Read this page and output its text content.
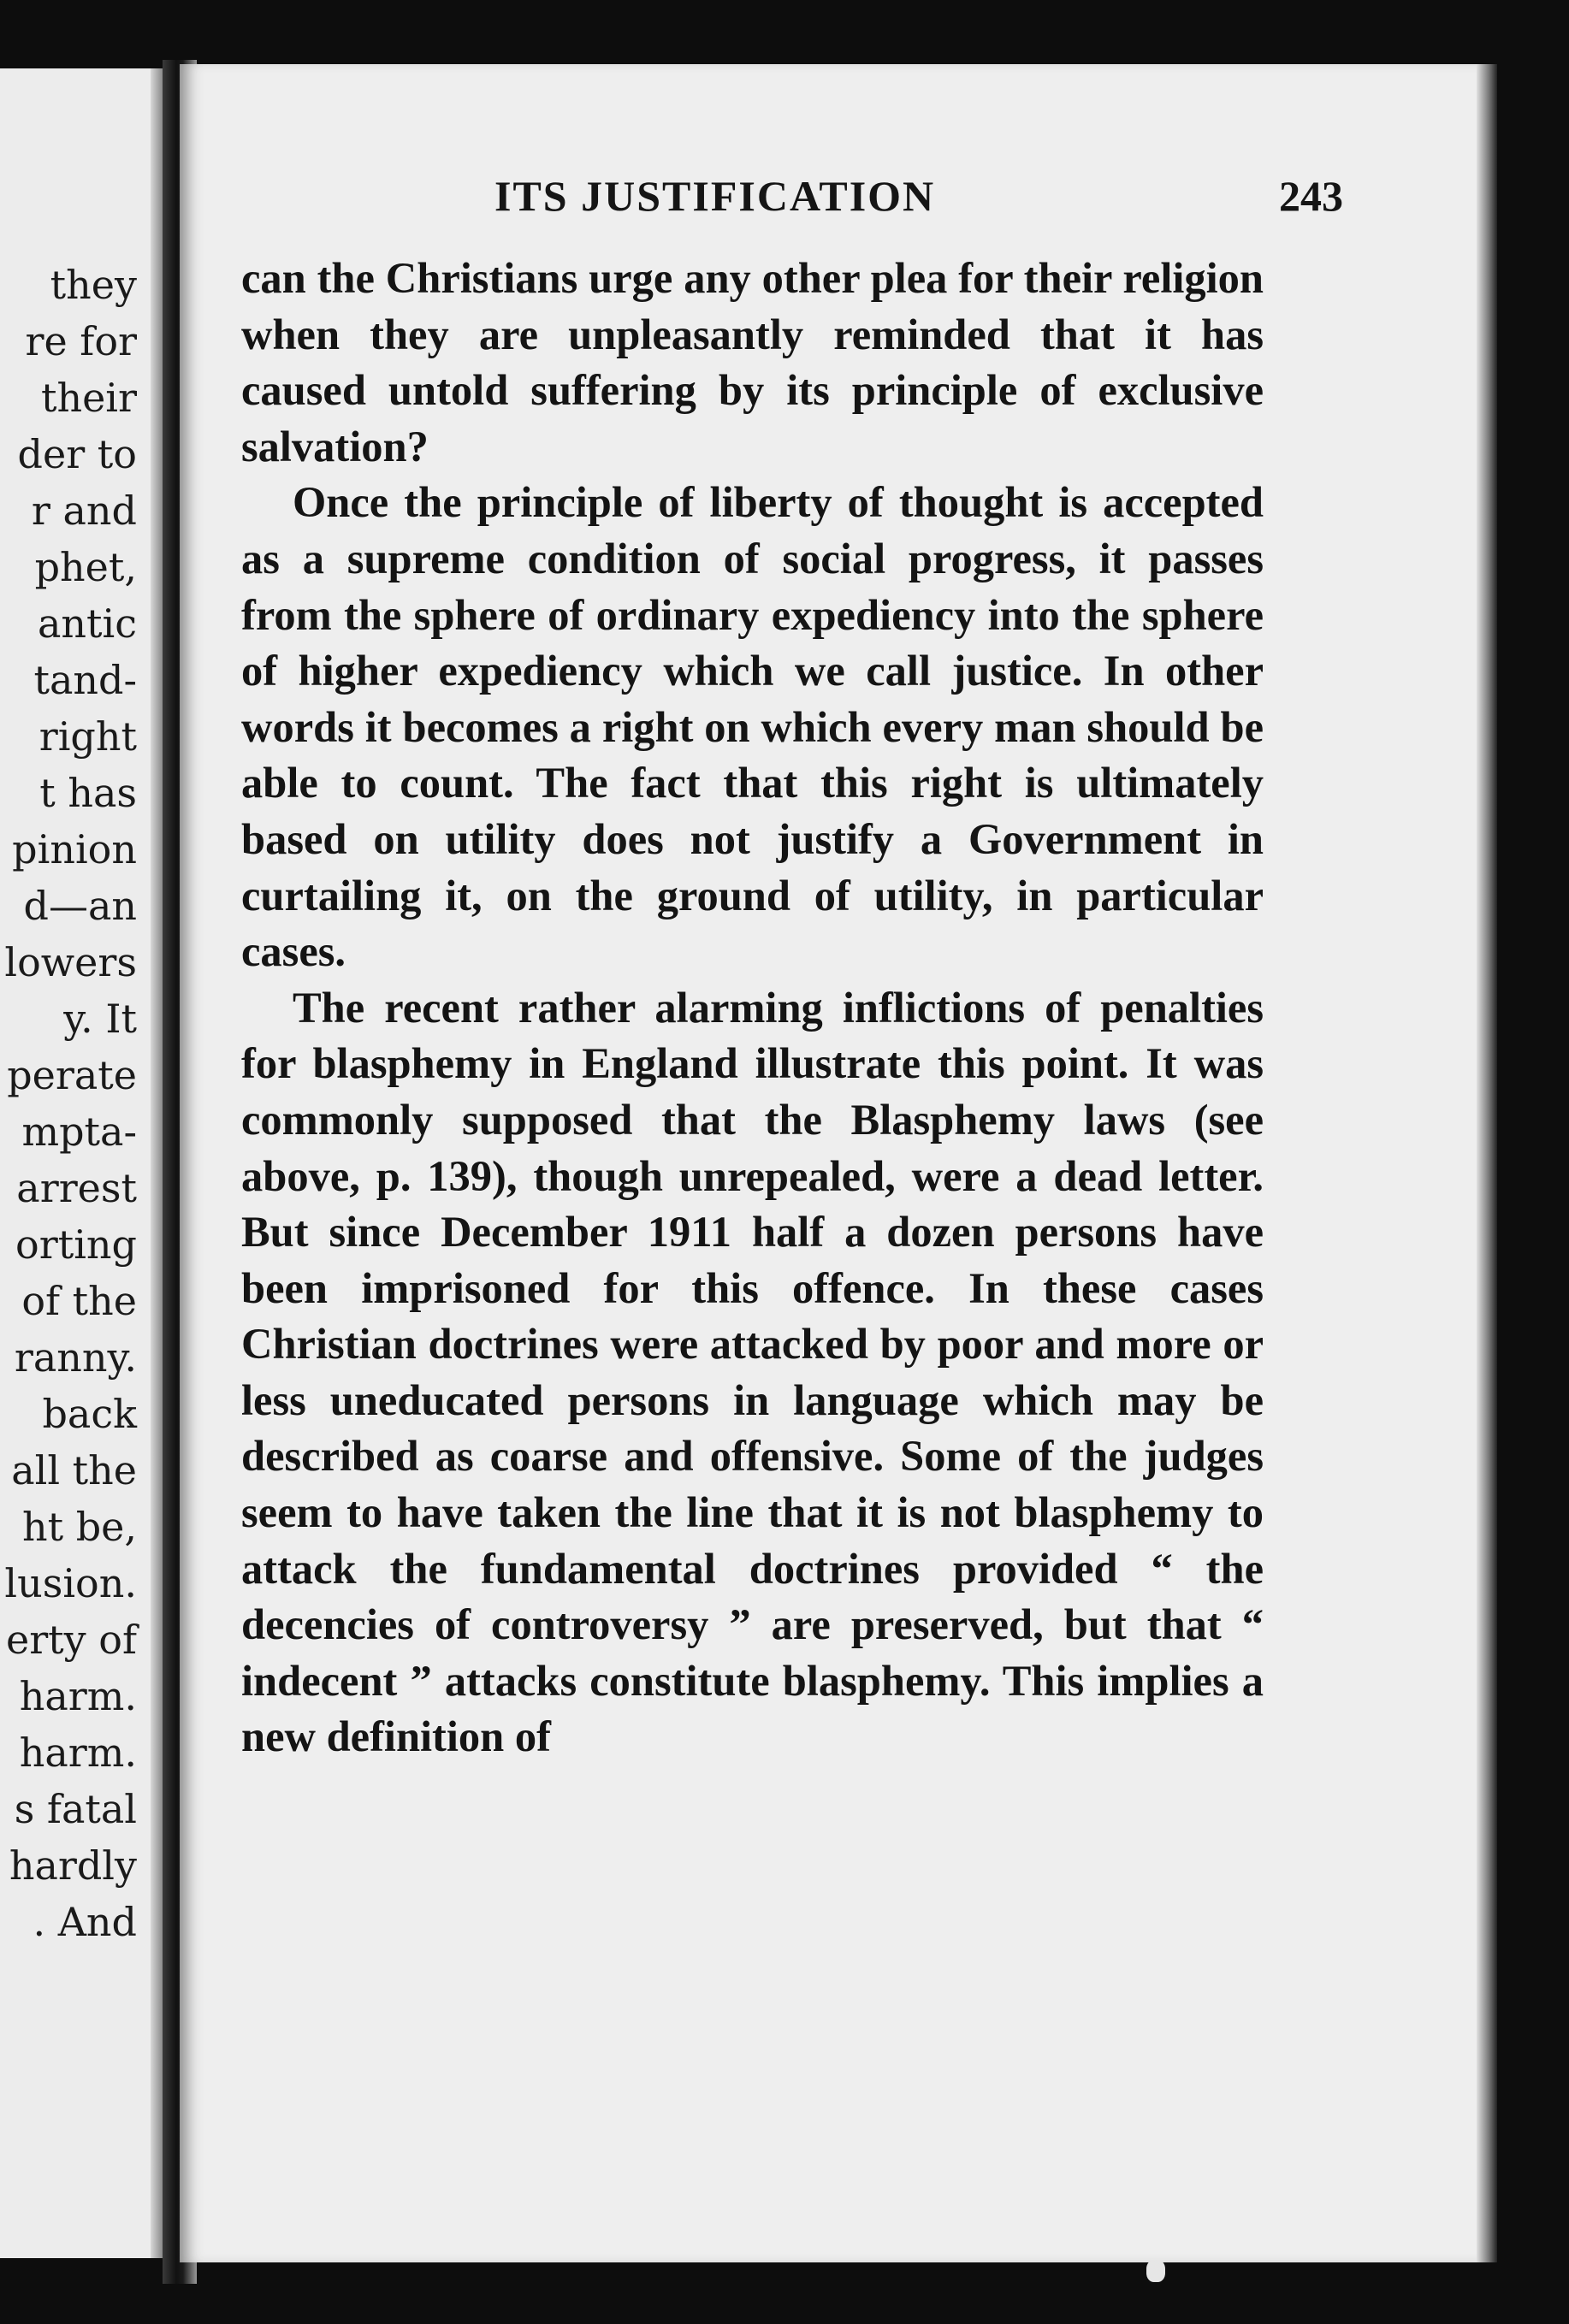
they
re for
their
der to
r and
phet,
antic
tand-
right
t has
pinion
d—an
lowers
y. It
perate
mpta-
arrest
orting
of the
ranny.
back
all the
ht be,
lusion.
erty of
harm.
harm.
s fatal
hardly
. And
ITS JUSTIFICATION	243

can the Christians urge any other plea for their religion when they are unpleasantly reminded that it has caused untold suffering by its principle of exclusive salvation?

Once the principle of liberty of thought is accepted as a supreme condition of social progress, it passes from the sphere of ordinary expediency into the sphere of higher expediency which we call justice. In other words it becomes a right on which every man should be able to count. The fact that this right is ultimately based on utility does not justify a Government in curtailing it, on the ground of utility, in particular cases.

The recent rather alarming inflictions of penalties for blasphemy in England illustrate this point. It was commonly supposed that the Blasphemy laws (see above, p. 139), though unrepealed, were a dead letter. But since December 1911 half a dozen persons have been imprisoned for this offence. In these cases Christian doctrines were attacked by poor and more or less uneducated persons in language which may be described as coarse and offensive. Some of the judges seem to have taken the line that it is not blasphemy to attack the fundamental doctrines provided “ the decencies of controversy ” are preserved, but that “ indecent ” attacks constitute blasphemy. This implies a new definition of
